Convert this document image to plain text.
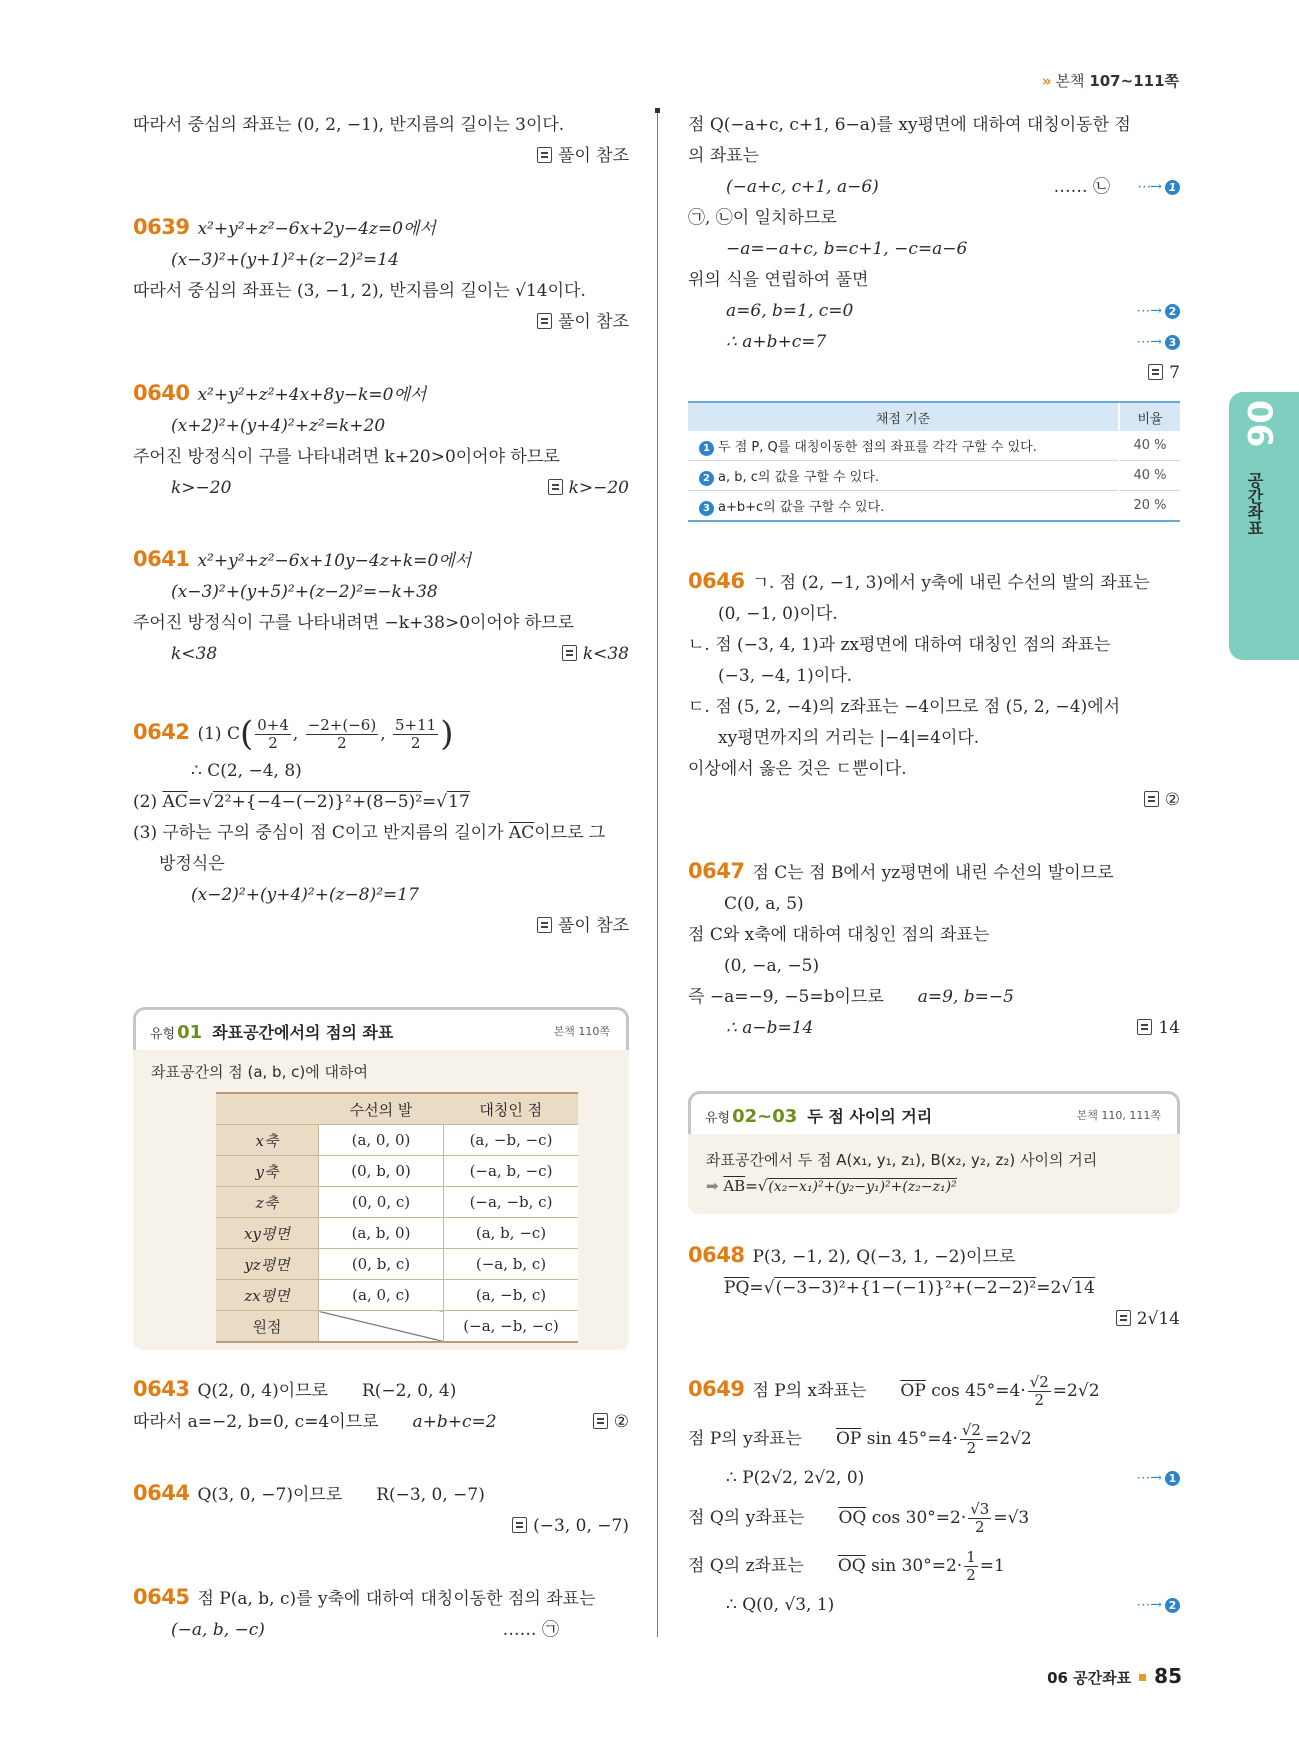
» 본책 107~111쪽
따라서 중심의 좌표는 (0, 2, −1), 반지름의 길이는 3이다.
풀이 참조
0639 x²+y²+z²−6x+2y−4z=0에서
(x−3)²+(y+1)²+(z−2)²=14
따라서 중심의 좌표는 (3, −1, 2), 반지름의 길이는 √14이다.
풀이 참조
0640 x²+y²+z²+4x+8y−k=0에서
(x+2)²+(y+4)²+z²=k+20
주어진 방정식이 구를 나타내려면 k+20>0이어야 하므로
k>−20	k>−20
0641 x²+y²+z²−6x+10y−4z+k=0에서
(x−3)²+(y+5)²+(z−2)²=−k+38
주어진 방정식이 구를 나타내려면 −k+38>0이어야 하므로
k<38	k<38
0642 (1) $C( \frac{0+4}{2}$ , $\frac{-2+(-6)}{2}$ , $\frac{5+11}{2}$ )
∴ C(2, −4, 8)
(2) $\overline{AC}=√2^2+\{-4-(-2)\}^2+(8-5)^2=√17$
(3) 구하는 구의 중심이 점 C이고 반지름의 길이가 $\overline{AC}$이므로 그
방정식은
(x−2)²+(y+4)²+(z−8)²=17
풀이 참조
유형 01 좌표공간에서의 점의 좌표	본책 110쪽
좌표공간의 점 (a, b, c)에 대하여
	수선의 발	대칭인 점
x축	(a, 0, 0)	(a, −b, −c)
y축	(0, b, 0)	(−a, b, −c)
z축	(0, 0, c)	(−a, −b, c)
xy평면	(a, b, 0)	(a, b, −c)
yz평면	(0, b, c)	(−a, b, c)
zx평면	(a, 0, c)	(a, −b, c)
원점		(−a, −b, −c)
0643 Q(2, 0, 4)이므로 R(−2, 0, 4)
따라서 a=−2, b=0, c=4이므로 a+b+c=2	②
0644 Q(3, 0, −7)이므로 R(−3, 0, −7)
(−3, 0, −7)
0645 점 P(a, b, c)를 y축에 대하여 대칭이동한 점의 좌표는
(−a, b, −c)	…… ㉠
점 Q(−a+c, c+1, 6−a)를 xy평면에 대하여 대칭이동한 점
의 좌표는
(−a+c, c+1, a−6)	…… ㉡ ⋯→ 1
㉠, ㉡이 일치하므로
−a=−a+c, b=c+1, −c=a−6
위의 식을 연립하여 풀면
a=6, b=1, c=0	⋯→ 2
∴ a+b+c=7	⋯→ 3
7
채점 기준	비율
1 두 점 P, Q를 대칭이동한 점의 좌표를 각각 구할 수 있다.	40 %
2 a, b, c의 값을 구할 수 있다.	40 %
3 a+b+c의 값을 구할 수 있다.	20 %
0646 ㄱ. 점 (2, −1, 3)에서 y축에 내린 수선의 발의 좌표는
(0, −1, 0)이다.
ㄴ. 점 (−3, 4, 1)과 zx평면에 대하여 대칭인 점의 좌표는
(−3, −4, 1)이다.
ㄷ. 점 (5, 2, −4)의 z좌표는 −4이므로 점 (5, 2, −4)에서
xy평면까지의 거리는 |−4|=4이다.
이상에서 옳은 것은 ㄷ뿐이다.
②
0647 점 C는 점 B에서 yz평면에 내린 수선의 발이므로
C(0, a, 5)
점 C와 x축에 대하여 대칭인 점의 좌표는
(0, −a, −5)
즉 −a=−9, −5=b이므로 a=9, b=−5
∴ a−b=14	14
유형 02~03 두 점 사이의 거리	본책 110, 111쪽
좌표공간에서 두 점 A(x₁, y₁, z₁), B(x₂, y₂, z₂) 사이의 거리
➡ $\overline{AB}=√(x_2-x_1)^2+(y_2-y_1)^2+(z_2-z_1)^2$
0648 P(3, −1, 2), Q(−3, 1, −2)이므로
$\overline{PQ}=√(-3-3)^2+\{1-(-1)\}^2+(-2-2)^2=2√14$
2√14
0649 점 P의 x좌표는 $\overline{OP}$ $\cos 45^\circ=4\cdot \frac{√2}{2} =2√2$
점 P의 y좌표는 $\overline{OP}$ $\sin 45^\circ=4\cdot \frac{√2}{2} =2√2$
∴ P(2√2, 2√2, 0)	⋯→ 1
점 Q의 y좌표는 $\overline{OQ}$ $\cos 30^\circ=2\cdot \frac{√3}{2} =√3$
점 Q의 z좌표는 $\overline{OQ}$ $\sin 30^\circ=2\cdot \frac{1}{2} =1$
∴ Q(0, √3, 1)	⋯→ 2
06
공간좌표
06 공간좌표 85
